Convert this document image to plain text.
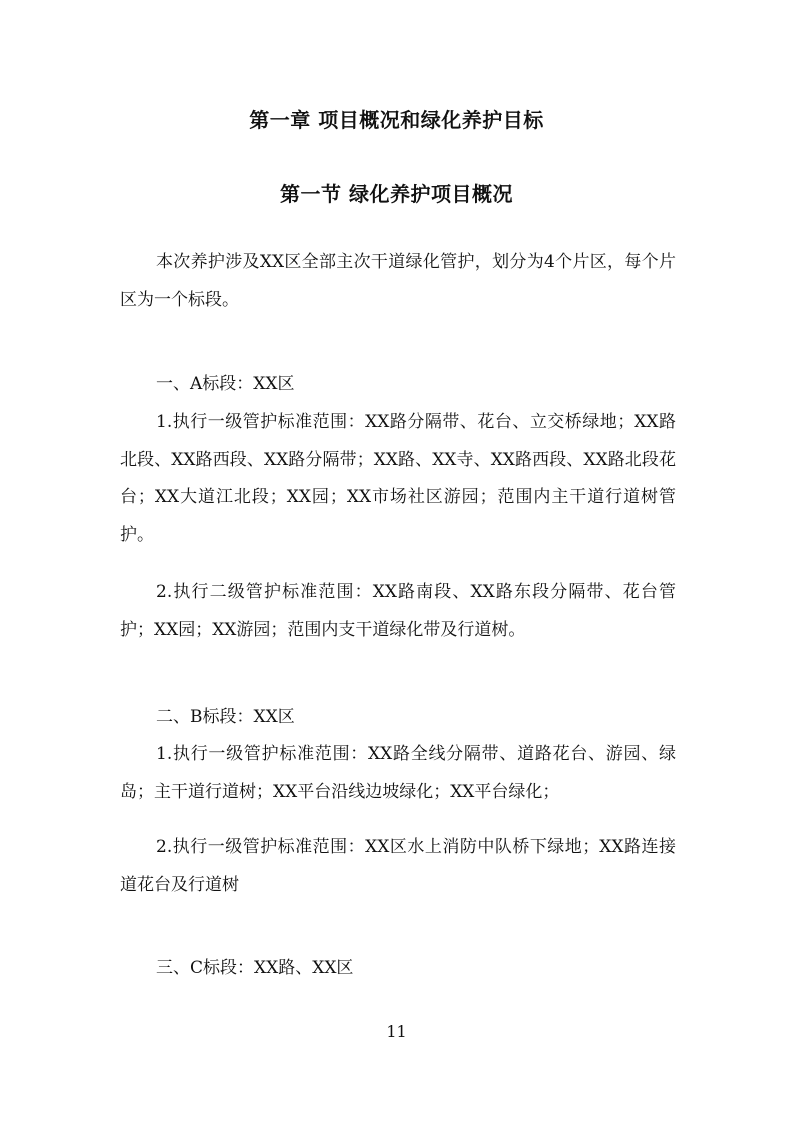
第一章 项目概况和绿化养护目标
第一节 绿化养护项目概况

本次养护涉及XX区全部主次干道绿化管护，划分为4个片区，每个片区为一个标段。

一、A标段：XX区

1.执行一级管护标准范围：XX路分隔带、花台、立交桥绿地；XX路北段、XX路西段、XX路分隔带；XX路、XX寺、XX路西段、XX路北段花台；XX大道江北段；XX园；XX市场社区游园；范围内主干道行道树管护。

2.执行二级管护标准范围：XX路南段、XX路东段分隔带、花台管护；XX园；XX游园；范围内支干道绿化带及行道树。

二、B标段：XX区

1.执行一级管护标准范围：XX路全线分隔带、道路花台、游园、绿岛；主干道行道树；XX平台沿线边坡绿化；XX平台绿化；

2.执行一级管护标准范围：XX区水上消防中队桥下绿地；XX路连接道花台及行道树

三、C标段：XX路、XX区

11
